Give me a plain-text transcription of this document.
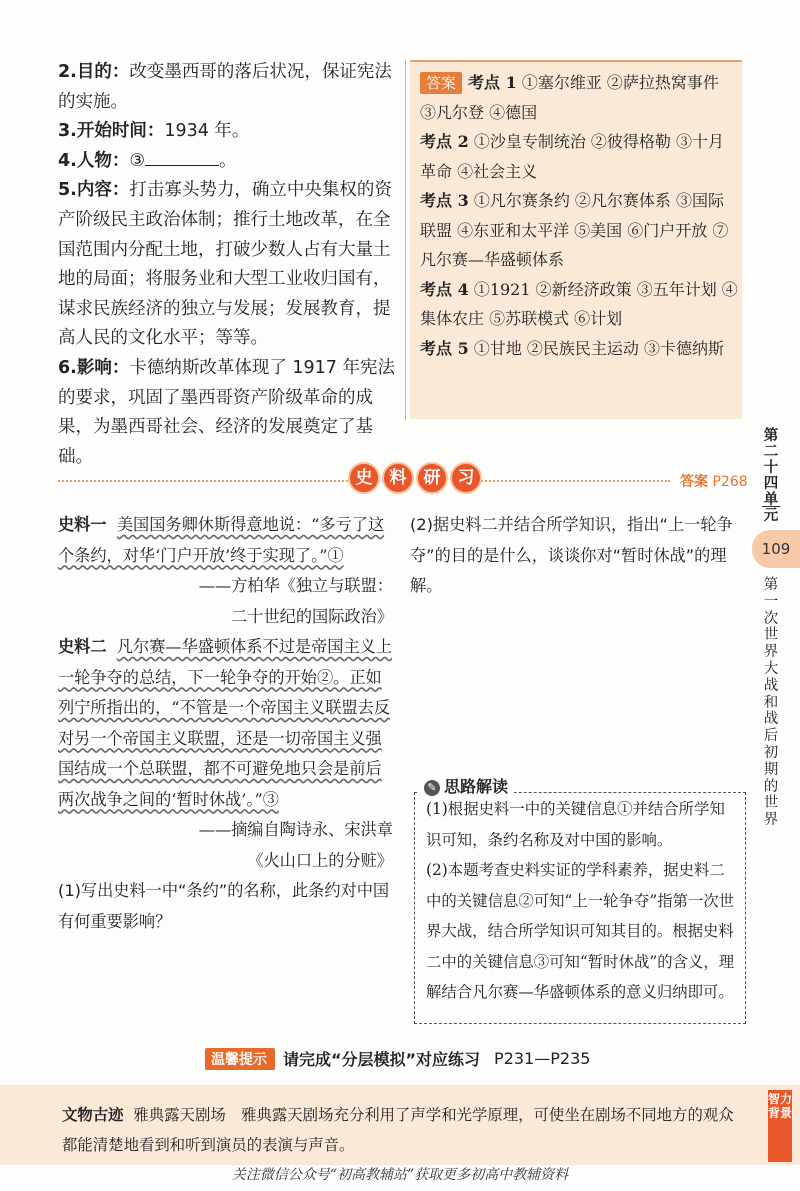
2.目的：改变墨西哥的落后状况，保证宪法的实施。

3.开始时间：1934 年。

4.人物：③	。

5.内容：打击寡头势力，确立中央集权的资产阶级民主政治体制；推行土地改革，在全国范围内分配土地，打破少数人占有大量土地的局面；将服务业和大型工业收归国有，谋求民族经济的独立与发展；发展教育，提高人民的文化水平；等等。

6.影响：卡德纳斯改革体现了 1917 年宪法的要求，巩固了墨西哥资产阶级革命的成果，为墨西哥社会、经济的发展奠定了基础。

答案 考点 1 ①塞尔维亚 ②萨拉热窝事件 ③凡尔登 ④德国
考点 2 ①沙皇专制统治 ②彼得格勒 ③十月革命 ④社会主义
考点 3 ①凡尔赛条约 ②凡尔赛体系 ③国际联盟 ④东亚和太平洋 ⑤美国 ⑥门户开放 ⑦凡尔赛—华盛顿体系
考点 4 ①1921 ②新经济政策 ③五年计划 ④集体农庄 ⑤苏联模式 ⑥计划
考点 5 ①甘地 ②民族民主运动 ③卡德纳斯
史	料	研	习	答案 P268

史料一 美国国务卿休斯得意地说：“多亏了这个条约，对华‘门户开放’终于实现了。”①

——方柏华《独立与联盟：

二十世纪的国际政治》

史料二 凡尔赛—华盛顿体系不过是帝国主义上一轮争夺的总结，下一轮争夺的开始②。正如列宁所指出的，“不管是一个帝国主义联盟去反对另一个帝国主义联盟，还是一切帝国主义强国结成一个总联盟，都不可避免地只会是前后两次战争之间的‘暂时休战’。”③

——摘编自陶诗永、宋洪章

《火山口上的分赃》

(1)写出史料一中“条约”的名称，此条约对中国有何重要影响？

(2)据史料二并结合所学知识，指出“上一轮争夺”的目的是什么，谈谈你对“暂时休战”的理解。

✎ 思路解读

(1)根据史料一中的关键信息①并结合所学知识可知，条约名称及对中国的影响。

(2)本题考查史料实证的学科素养，据史料二中的关键信息②可知“上一轮争夺”指第一次世界大战，结合所学知识可知其目的。根据史料二中的关键信息③可知“暂时休战”的含义，理解结合凡尔赛—华盛顿体系的意义归纳即可。

温馨提示	请完成“分层模拟”对应练习 P231—P235
文物古迹 雅典露天剧场　雅典露天剧场充分利用了声学和光学原理，可使坐在剧场不同地方的观众都能清楚地看到和听到演员的表演与声音。
智力背景
关注微信公众号“初高教辅站”获取更多初高中教辅资料
第二十四单元
109
第一次世界大战和战后初期的世界
